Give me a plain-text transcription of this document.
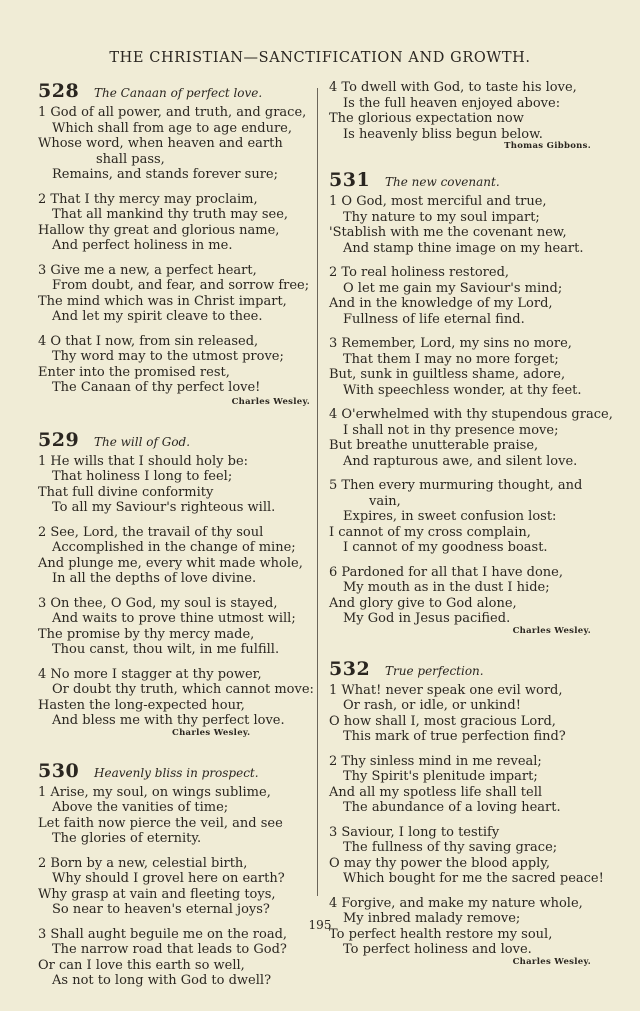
THE CHRISTIAN—SANCTIFICATION AND GROWTH.
528	The Canaan of perfect love.
1 God of all power, and truth, and grace,
Which shall from age to age endure,
Whose word, when heaven and earth shall pass,
Remains, and stands forever sure;
2 That I thy mercy may proclaim,
That all mankind thy truth may see,
Hallow thy great and glorious name,
And perfect holiness in me.
3 Give me a new, a perfect heart,
From doubt, and fear, and sorrow free;
The mind which was in Christ impart,
And let my spirit cleave to thee.
4 O that I now, from sin released,
Thy word may to the utmost prove;
Enter into the promised rest,
The Canaan of thy perfect love!
Charles Wesley.
529	The will of God.
1 He wills that I should holy be:
That holiness I long to feel;
That full divine conformity
To all my Saviour's righteous will.
2 See, Lord, the travail of thy soul
Accomplished in the change of mine;
And plunge me, every whit made whole,
In all the depths of love divine.
3 On thee, O God, my soul is stayed,
And waits to prove thine utmost will;
The promise by thy mercy made,
Thou canst, thou wilt, in me fulfill.
4 No more I stagger at thy power,
Or doubt thy truth, which cannot move:
Hasten the long-expected hour,
And bless me with thy perfect love.
Charles Wesley.
530	Heavenly bliss in prospect.
1 Arise, my soul, on wings sublime,
Above the vanities of time;
Let faith now pierce the veil, and see
The glories of eternity.
2 Born by a new, celestial birth,
Why should I grovel here on earth?
Why grasp at vain and fleeting toys,
So near to heaven's eternal joys?
3 Shall aught beguile me on the road,
The narrow road that leads to God?
Or can I love this earth so well,
As not to long with God to dwell?
4 To dwell with God, to taste his love,
Is the full heaven enjoyed above:
The glorious expectation now
Is heavenly bliss begun below.
Thomas Gibbons.
531	The new covenant.
1 O God, most merciful and true,
Thy nature to my soul impart;
'Stablish with me the covenant new,
And stamp thine image on my heart.
2 To real holiness restored,
O let me gain my Saviour's mind;
And in the knowledge of my Lord,
Fullness of life eternal find.
3 Remember, Lord, my sins no more,
That them I may no more forget;
But, sunk in guiltless shame, adore,
With speechless wonder, at thy feet.
4 O'erwhelmed with thy stupendous grace,
I shall not in thy presence move;
But breathe unutterable praise,
And rapturous awe, and silent love.
5 Then every murmuring thought, and vain,
Expires, in sweet confusion lost:
I cannot of my cross complain,
I cannot of my goodness boast.
6 Pardoned for all that I have done,
My mouth as in the dust I hide;
And glory give to God alone,
My God in Jesus pacified.
Charles Wesley.
532	True perfection.
1 What! never speak one evil word,
Or rash, or idle, or unkind!
O how shall I, most gracious Lord,
This mark of true perfection find?
2 Thy sinless mind in me reveal;
Thy Spirit's plenitude impart;
And all my spotless life shall tell
The abundance of a loving heart.
3 Saviour, I long to testify
The fullness of thy saving grace;
O may thy power the blood apply,
Which bought for me the sacred peace!
4 Forgive, and make my nature whole,
My inbred malady remove;
To perfect health restore my soul,
To perfect holiness and love.
Charles Wesley.
195
